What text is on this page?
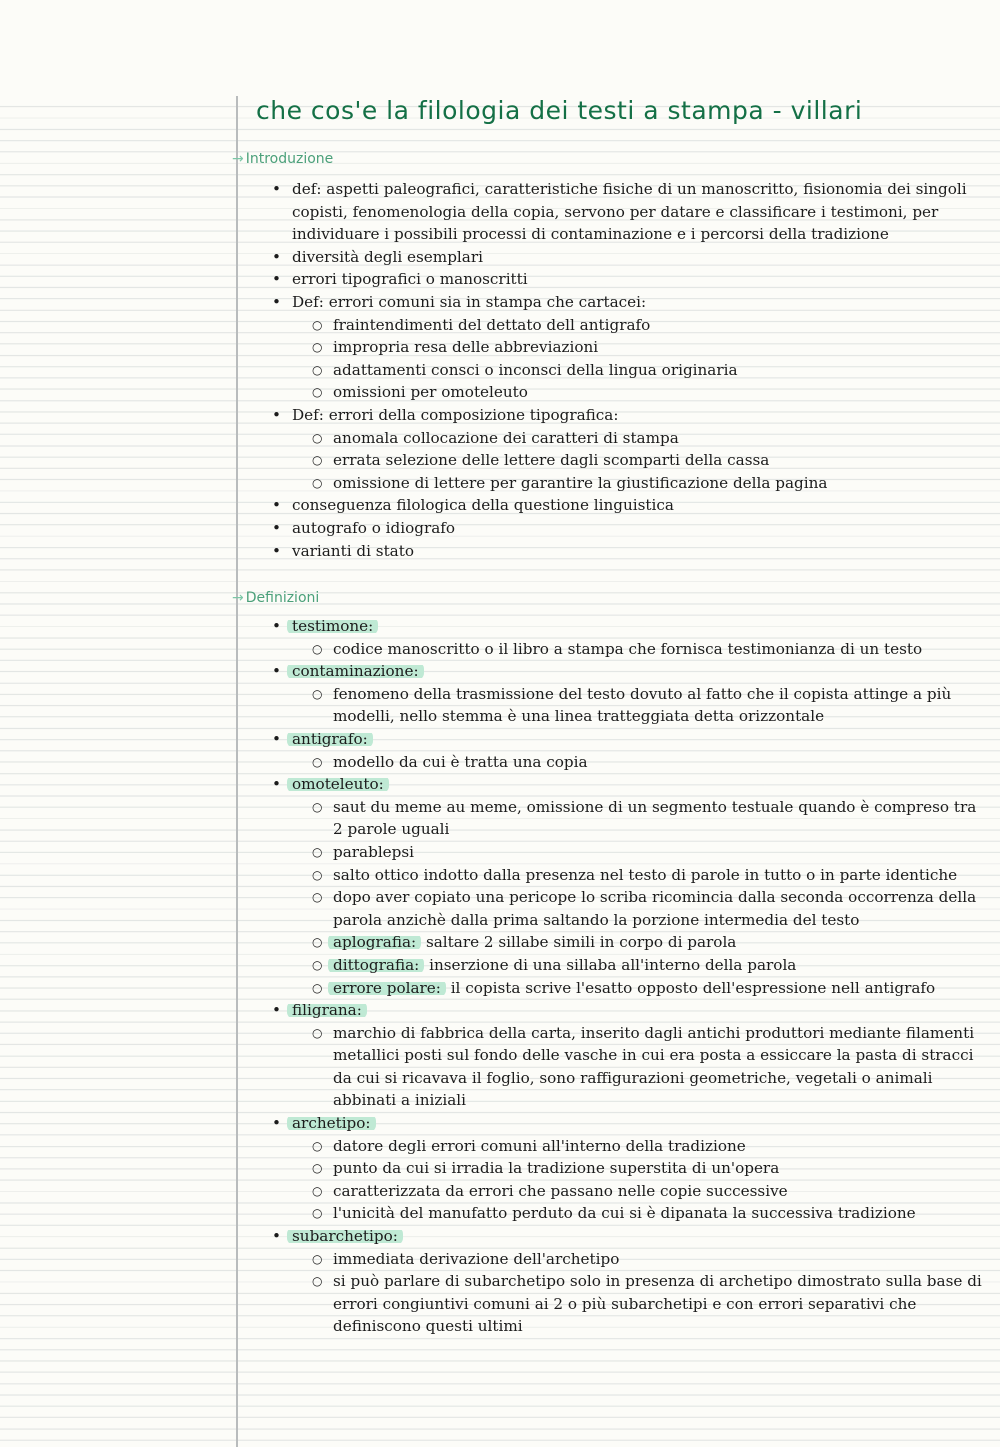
che cos'e la filologia dei testi a stampa - villari
→ Introduzione
• def: aspetti paleografici, caratteristiche fisiche di un manoscritto, fisionomia dei singoli copisti, fenomenologia della copia, servono per datare e classificare i testimoni, per individuare i possibili processi di contaminazione e i percorsi della tradizione
• diversità degli esemplari
• errori tipografici o manoscritti
• Def: errori comuni sia in stampa che cartacei:
○ fraintendimenti del dettato dell antigrafo
○ impropria resa delle abbreviazioni
○ adattamenti consci o inconsci della lingua originaria
○ omissioni per omoteleuto
• Def: errori della composizione tipografica:
○ anomala collocazione dei caratteri di stampa
○ errata selezione delle lettere dagli scomparti della cassa
○ omissione di lettere per garantire la giustificazione della pagina
• conseguenza filologica della questione linguistica
• autografo o idiografo
• varianti di stato
→ Definizioni
• testimone:
○ codice manoscritto o il libro a stampa che fornisca testimonianza di un testo
• contaminazione:
○ fenomeno della trasmissione del testo dovuto al fatto che il copista attinge a più modelli, nello stemma è una linea tratteggiata detta orizzontale
• antigrafo:
○ modello da cui è tratta una copia
• omoteleuto:
○ saut du meme au meme, omissione di un segmento testuale quando è compreso tra 2 parole uguali
○ parablepsi
○ salto ottico indotto dalla presenza nel testo di parole in tutto o in parte identiche
○ dopo aver copiato una pericope lo scriba ricomincia dalla seconda occorrenza della parola anzichè dalla prima saltando la porzione intermedia del testo
○ aplografia: saltare 2 sillabe simili in corpo di parola
○ dittografia: inserzione di una sillaba all'interno della parola
○ errore polare: il copista scrive l'esatto opposto dell'espressione nell antigrafo
• filigrana:
○ marchio di fabbrica della carta, inserito dagli antichi produttori mediante filamenti metallici posti sul fondo delle vasche in cui era posta a essiccare la pasta di stracci da cui si ricavava il foglio, sono raffigurazioni geometriche, vegetali o animali abbinati a iniziali
• archetipo:
○ datore degli errori comuni all'interno della tradizione
○ punto da cui si irradia la tradizione superstita di un'opera
○ caratterizzata da errori che passano nelle copie successive
○ l'unicità del manufatto perduto da cui si è dipanata la successiva tradizione
• subarchetipo:
○ immediata derivazione dell'archetipo
○ si può parlare di subarchetipo solo in presenza di archetipo dimostrato sulla base di errori congiuntivi comuni ai 2 o più subarchetipi e con errori separativi che definiscono questi ultimi
